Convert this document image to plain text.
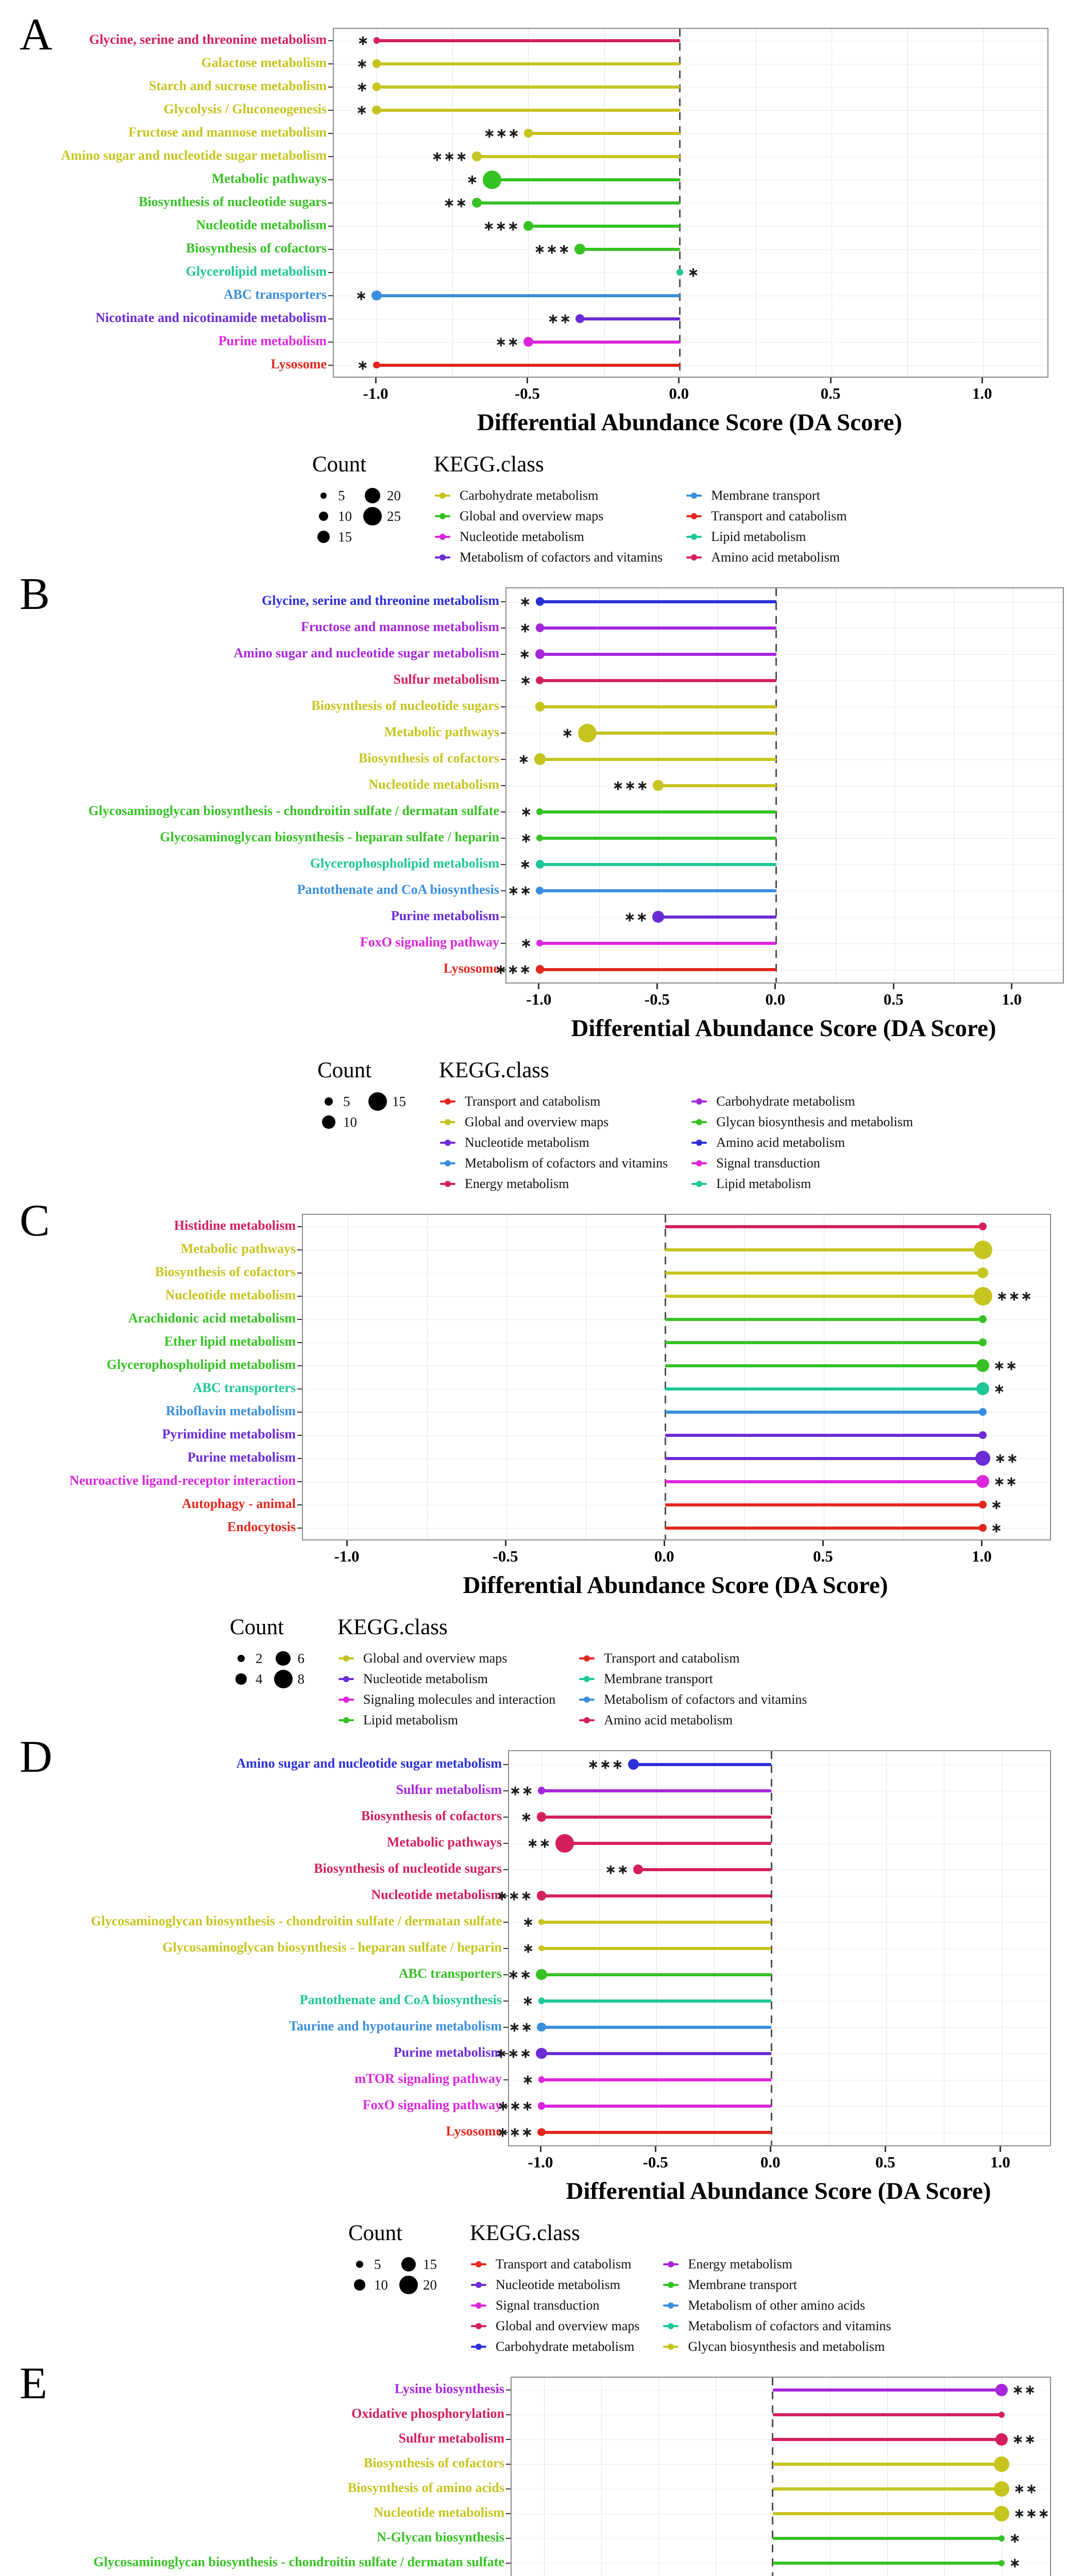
A	Glycine, serine and threonine metabolism
Galactose metabolism
Starch and sucrose metabolism
Glycolysis / Gluconeogenesis
Fructose and mannose metabolism
Amino sugar and nucleotide sugar metabolism
Metabolic pathways
Biosynthesis of nucleotide sugars
Nucleotide metabolism
Biosynthesis of cofactors
Glycerolipid metabolism
ABC transporters
Nicotinate and nicotinamide metabolism
Purine metabolism
Lysosome
∗
∗
∗
∗
∗∗∗
∗∗∗
∗
∗∗
∗∗∗
∗∗∗
∗
∗
∗∗
∗∗
∗
-1.0	-0.5	0.0	0.5	1.0
Differential Abundance Score (DA Score)
Count
5
10
15
20
25
KEGG.class
Carbohydrate metabolism
Global and overview maps
Nucleotide metabolism
Metabolism of cofactors and vitamins
Membrane transport
Transport and catabolism
Lipid metabolism
Amino acid metabolism
B	Glycine, serine and threonine metabolism
Fructose and mannose metabolism
Amino sugar and nucleotide sugar metabolism
Sulfur metabolism
Biosynthesis of nucleotide sugars
Metabolic pathways
Biosynthesis of cofactors
Nucleotide metabolism
Glycosaminoglycan biosynthesis - chondroitin sulfate / dermatan sulfate
Glycosaminoglycan biosynthesis - heparan sulfate / heparin
Glycerophospholipid metabolism
Pantothenate and CoA biosynthesis
Purine metabolism
FoxO signaling pathway
Lysosome
∗
∗
∗
∗
∗
∗
∗∗∗
∗
∗
∗
∗∗
∗∗
∗
∗∗∗
-1.0	-0.5	0.0	0.5	1.0
Differential Abundance Score (DA Score)
Count
5
10
15
KEGG.class
Transport and catabolism
Global and overview maps
Nucleotide metabolism
Metabolism of cofactors and vitamins
Energy metabolism
Carbohydrate metabolism
Glycan biosynthesis and metabolism
Amino acid metabolism
Signal transduction
Lipid metabolism
C	Histidine metabolism
Metabolic pathways
Biosynthesis of cofactors
Nucleotide metabolism
Arachidonic acid metabolism
Ether lipid metabolism
Glycerophospholipid metabolism
ABC transporters
Riboflavin metabolism
Pyrimidine metabolism
Purine metabolism
Neuroactive ligand-receptor interaction
Autophagy - animal
Endocytosis
∗∗∗
∗∗
∗
∗∗
∗∗
∗
∗
-1.0	-0.5	0.0	0.5	1.0
Differential Abundance Score (DA Score)
Count
2
4
6
8
KEGG.class
Global and overview maps
Nucleotide metabolism
Signaling molecules and interaction
Lipid metabolism
Transport and catabolism
Membrane transport
Metabolism of cofactors and vitamins
Amino acid metabolism
D	Amino sugar and nucleotide sugar metabolism
Sulfur metabolism
Biosynthesis of cofactors
Metabolic pathways
Biosynthesis of nucleotide sugars
Nucleotide metabolism
Glycosaminoglycan biosynthesis - chondroitin sulfate / dermatan sulfate
Glycosaminoglycan biosynthesis - heparan sulfate / heparin
ABC transporters
Pantothenate and CoA biosynthesis
Taurine and hypotaurine metabolism
Purine metabolism
mTOR signaling pathway
FoxO signaling pathway
Lysosome
∗∗∗
∗∗
∗
∗∗
∗∗
∗∗∗
∗
∗
∗∗
∗
∗∗
∗∗∗
∗
∗∗∗
∗∗∗
-1.0	-0.5	0.0	0.5	1.0
Differential Abundance Score (DA Score)
Count
5
10
15
20
KEGG.class
Transport and catabolism
Nucleotide metabolism
Signal transduction
Global and overview maps
Carbohydrate metabolism
Energy metabolism
Membrane transport
Metabolism of other amino acids
Metabolism of cofactors and vitamins
Glycan biosynthesis and metabolism
E	Lysine biosynthesis
Oxidative phosphorylation
Sulfur metabolism
Biosynthesis of cofactors
Biosynthesis of amino acids
Nucleotide metabolism
N-Glycan biosynthesis
Glycosaminoglycan biosynthesis - chondroitin sulfate / dermatan sulfate
∗∗
∗∗
∗∗
∗∗∗
∗
∗
